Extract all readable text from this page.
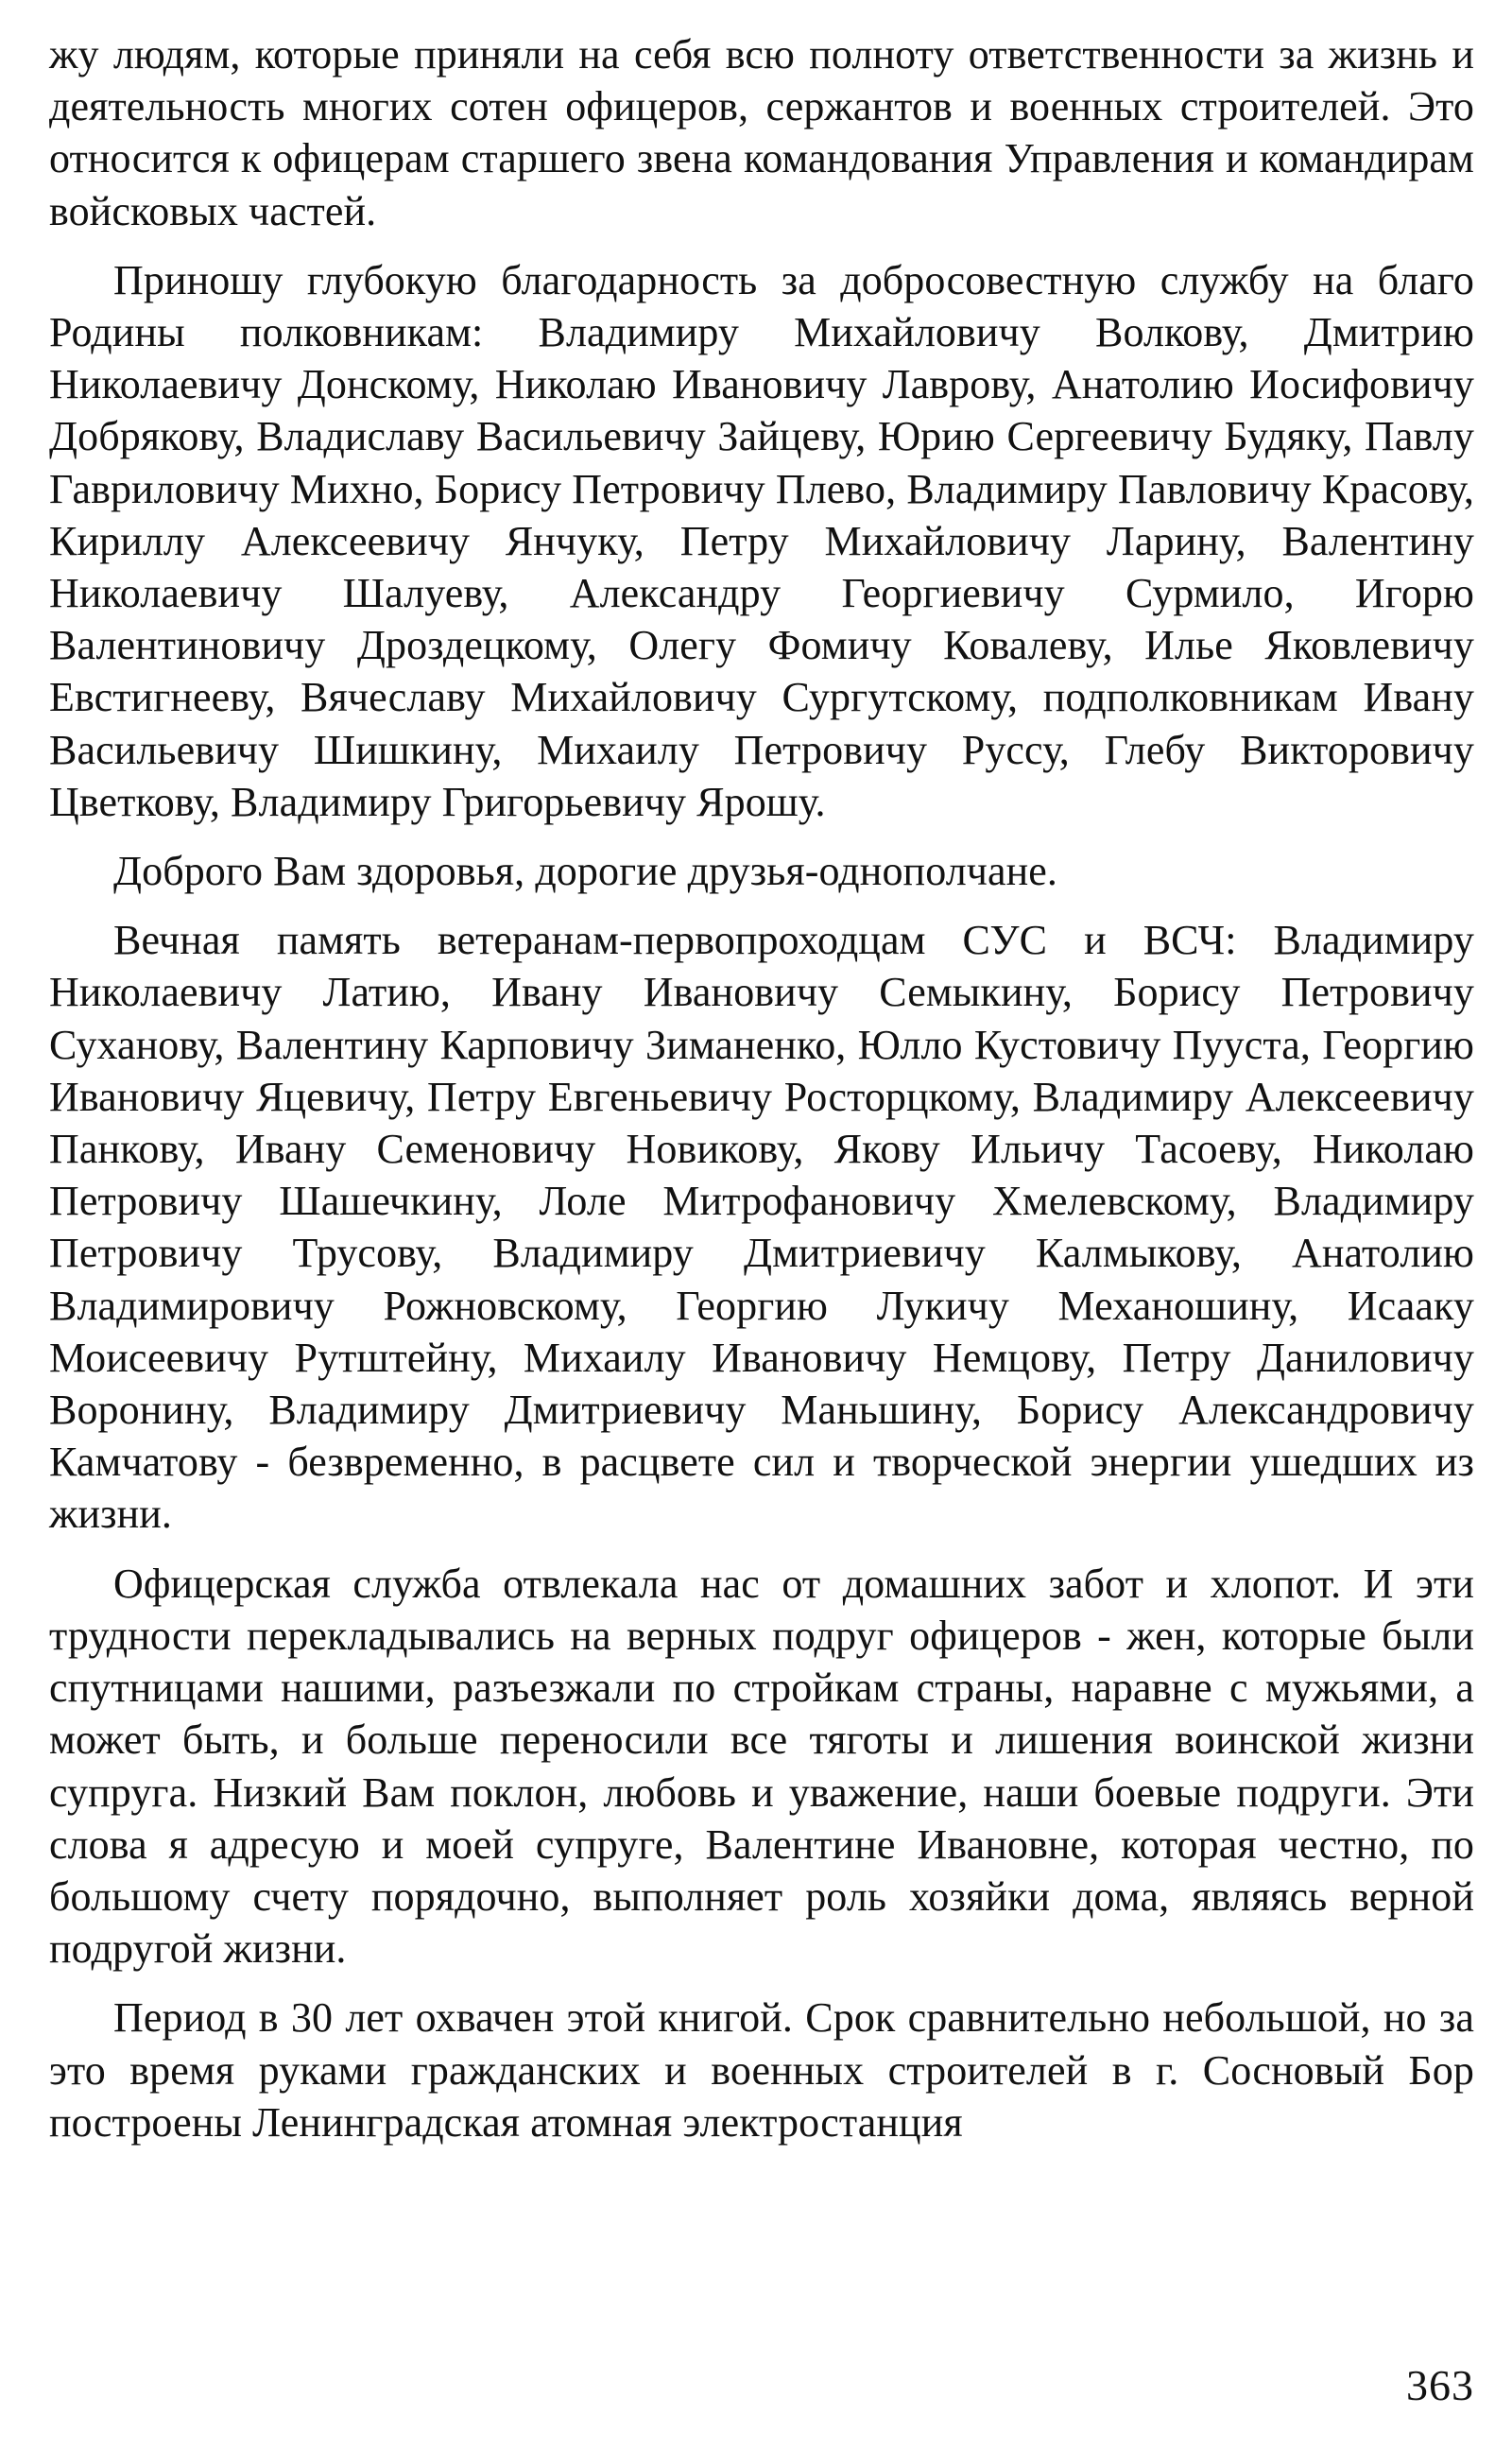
жу людям, которые приняли на себя всю полноту ответственности за жизнь и деятельность многих сотен офицеров, сержантов и военных строителей. Это относится к офицерам старшего звена командования Управления и командирам войсковых частей.

Приношу глубокую благодарность за добросовестную службу на благо Родины полковникам: Владимиру Михайловичу Волкову, Дмитрию Николаевичу Донскому, Николаю Ивановичу Лаврову, Анатолию Иосифовичу Добрякову, Владиславу Васильевичу Зайцеву, Юрию Сергеевичу Будяку, Павлу Гавриловичу Михно, Борису Петровичу Плево, Владимиру Павловичу Красову, Кириллу Алексеевичу Янчуку, Петру Михайловичу Ларину, Валентину Николаевичу Шалуеву, Александру Георгиевичу Сурмило, Игорю Валентиновичу Дроздецкому, Олегу Фомичу Ковалеву, Илье Яковлевичу Евстигнееву, Вячеславу Михайловичу Сургутскому, подполковникам Ивану Васильевичу Шишкину, Михаилу Петровичу Руссу, Глебу Викторовичу Цветкову, Владимиру Григорьевичу Ярошу.

Доброго Вам здоровья, дорогие друзья-однополчане.

Вечная память ветеранам-первопроходцам СУС и ВСЧ: Владимиру Николаевичу Латию, Ивану Ивановичу Семыкину, Борису Петровичу Суханову, Валентину Карповичу Зиманенко, Юлло Кустовичу Пууста, Георгию Ивановичу Яцевичу, Петру Евгеньевичу Росторцкому, Владимиру Алексеевичу Панкову, Ивану Семеновичу Новикову, Якову Ильичу Тасоеву, Николаю Петровичу Шашечкину, Лоле Митрофановичу Хмелевскому, Владимиру Петровичу Трусову, Владимиру Дмитриевичу Калмыкову, Анатолию Владимировичу Рожновскому, Георгию Лукичу Механошину, Исааку Моисеевичу Рутштейну, Михаилу Ивановичу Немцову, Петру Даниловичу Воронину, Владимиру Дмитриевичу Маньшину, Борису Александровичу Камчатову - безвременно, в расцвете сил и творческой энергии ушедших из жизни.

Офицерская служба отвлекала нас от домашних забот и хлопот. И эти трудности перекладывались на верных подруг офицеров - жен, которые были спутницами нашими, разъезжали по стройкам страны, наравне с мужьями, а может быть, и больше переносили все тяготы и лишения воинской жизни супруга. Низкий Вам поклон, любовь и уважение, наши боевые подруги. Эти слова я адресую и моей супруге, Валентине Ивановне, которая честно, по большому счету порядочно, выполняет роль хозяйки дома, являясь верной подругой жизни.

Период в 30 лет охвачен этой книгой. Срок сравнительно небольшой, но за это время руками гражданских и военных строителей в г. Сосновый Бор построены Ленинградская атомная электростанция

363
